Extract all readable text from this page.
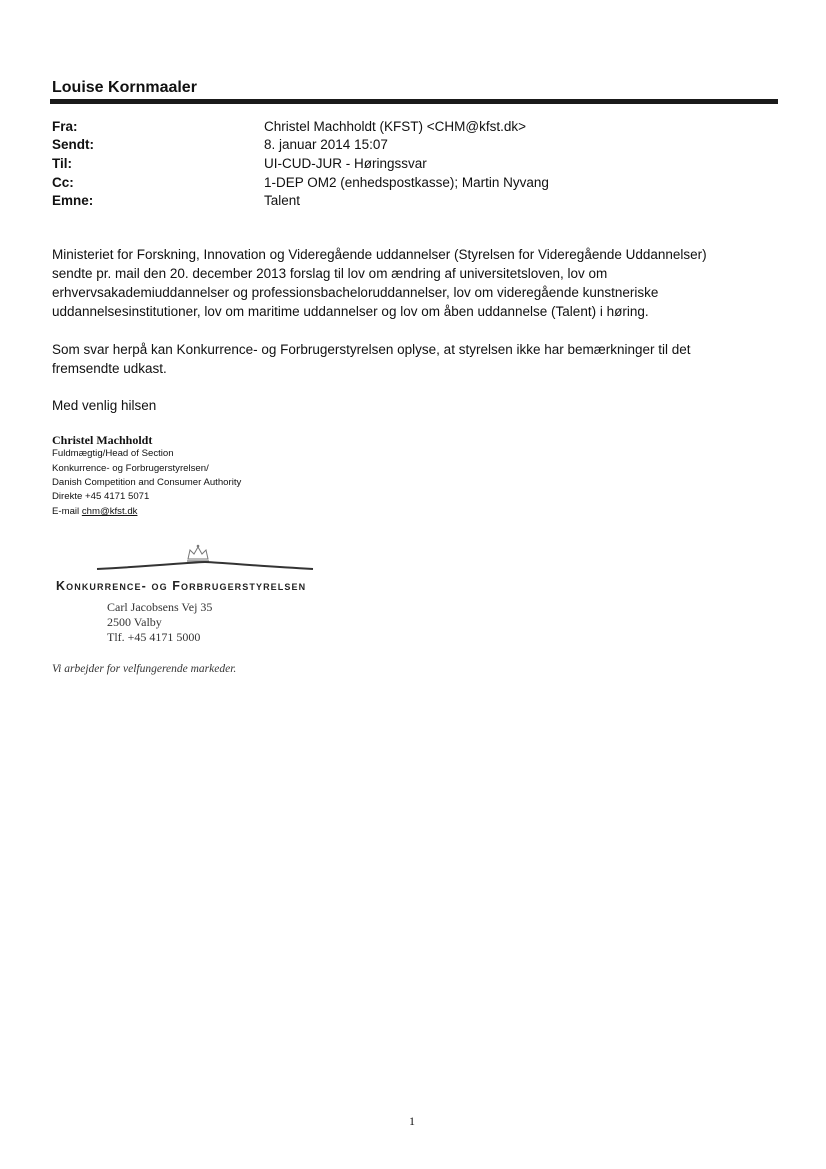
Louise Kornmaaler
Fra:	Christel Machholdt (KFST) <CHM@kfst.dk>
Sendt:	8. januar 2014 15:07
Til:	UI-CUD-JUR - Høringssvar
Cc:	1-DEP OM2 (enhedspostkasse); Martin Nyvang
Emne:	Talent
Ministeriet for Forskning, Innovation og Videregående uddannelser (Styrelsen for Videregående Uddannelser)
sendte pr. mail den 20. december 2013 forslag til lov om ændring af universitetsloven, lov om
erhvervsakademiuddannelser og professionsbacheloruddannelser, lov om videregående kunstneriske
uddannelsesinstitutioner, lov om maritime uddannelser og lov om åben uddannelse (Talent) i høring.
Som svar herpå kan Konkurrence- og Forbrugerstyrelsen oplyse, at styrelsen ikke har bemærkninger til det
fremsendte udkast.
Med venlig hilsen
Christel Machholdt
Fuldmægtig/Head of Section
Konkurrence- og Forbrugerstyrelsen/
Danish Competition and Consumer Authority
Direkte +45 4171 5071
E-mail chm@kfst.dk
Konkurrence- og Forbrugerstyrelsen
Carl Jacobsens Vej 35
2500 Valby
Tlf. +45 4171 5000
Vi arbejder for velfungerende markeder.
1
